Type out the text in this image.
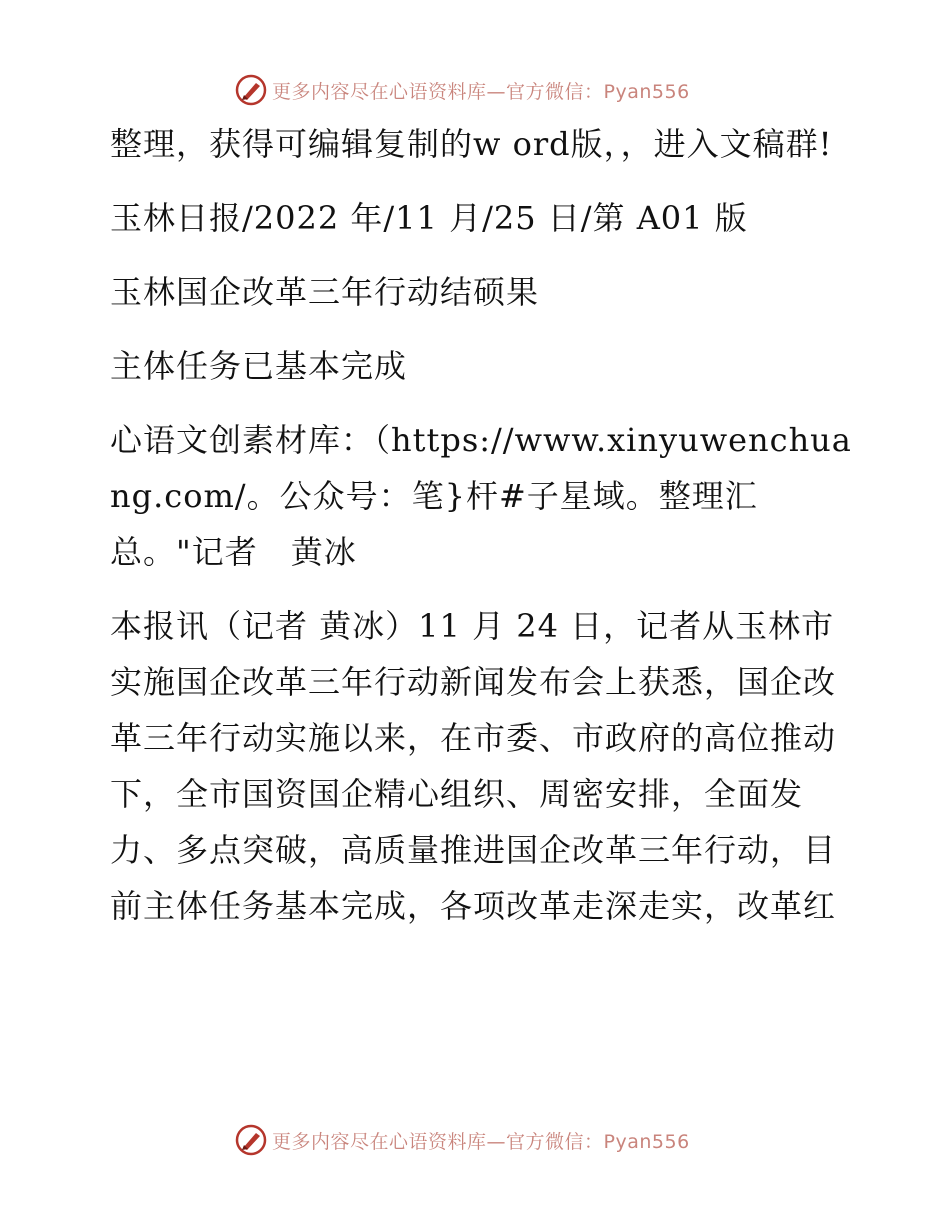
更多内容尽在心语资料库—官方微信：Pyan556

整理，获得可编辑复制的w ord版，，进入文稿群!

玉林日报/2022 年/11 月/25 日/第 A01 版

玉林国企改革三年行动结硕果

主体任务已基本完成

心语文创素材库：（https://www.xinyuwenchuang.com/。公众号：笔}杆#子星域。整理汇总。"记者　黄冰

本报讯（记者 黄冰）11 月 24 日，记者从玉林市实施国企改革三年行动新闻发布会上获悉，国企改革三年行动实施以来，在市委、市政府的高位推动下，全市国资国企精心组织、周密安排，全面发力、多点突破，高质量推进国企改革三年行动，目前主体任务基本完成，各项改革走深走实，改革红

更多内容尽在心语资料库—官方微信：Pyan556
